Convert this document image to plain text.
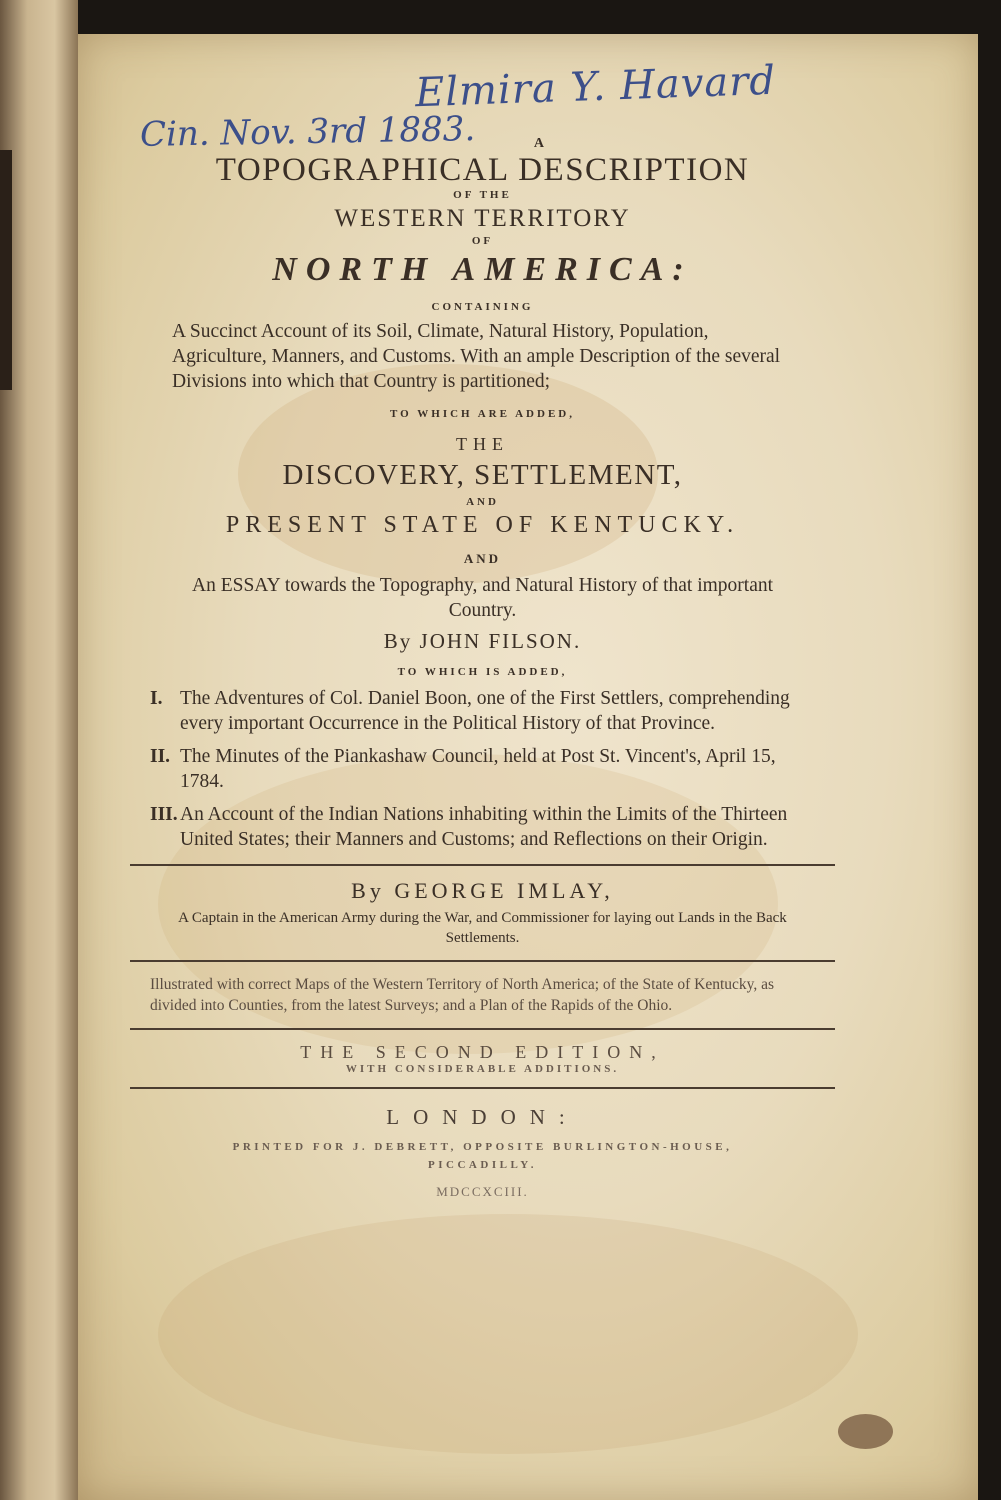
Elmira Y. Havard
Cin. Nov. 3rd 1883.	A
TOPOGRAPHICAL DESCRIPTION
OF THE
WESTERN TERRITORY
OF
NORTH AMERICA:
CONTAINING
A Succinct Account of its Soil, Climate, Natural History, Population, Agriculture, Manners, and Customs. With an ample Description of the several Divisions into which that Country is partitioned;
TO WHICH ARE ADDED,
THE
DISCOVERY, SETTLEMENT,
AND
PRESENT STATE OF KENTUCKY.
AND
An ESSAY towards the Topography, and Natural History of that important Country.
By JOHN FILSON.
TO WHICH IS ADDED,
I. The Adventures of Col. Daniel Boon, one of the First Settlers, comprehending every important Occurrence in the Political History of that Province.
II. The Minutes of the Piankashaw Council, held at Post St. Vincent's, April 15, 1784.
III. An Account of the Indian Nations inhabiting within the Limits of the Thirteen United States; their Manners and Customs; and Reflections on their Origin.
By GEORGE IMLAY,
A Captain in the American Army during the War, and Commissioner for laying out Lands in the Back Settlements.
Illustrated with correct Maps of the Western Territory of North America; of the State of Kentucky, as divided into Counties, from the latest Surveys; and a Plan of the Rapids of the Ohio.
THE SECOND EDITION,
WITH CONSIDERABLE ADDITIONS.
LONDON:
PRINTED FOR J. DEBRETT, OPPOSITE BURLINGTON-HOUSE, PICCADILLY.
MDCCXCIII.
